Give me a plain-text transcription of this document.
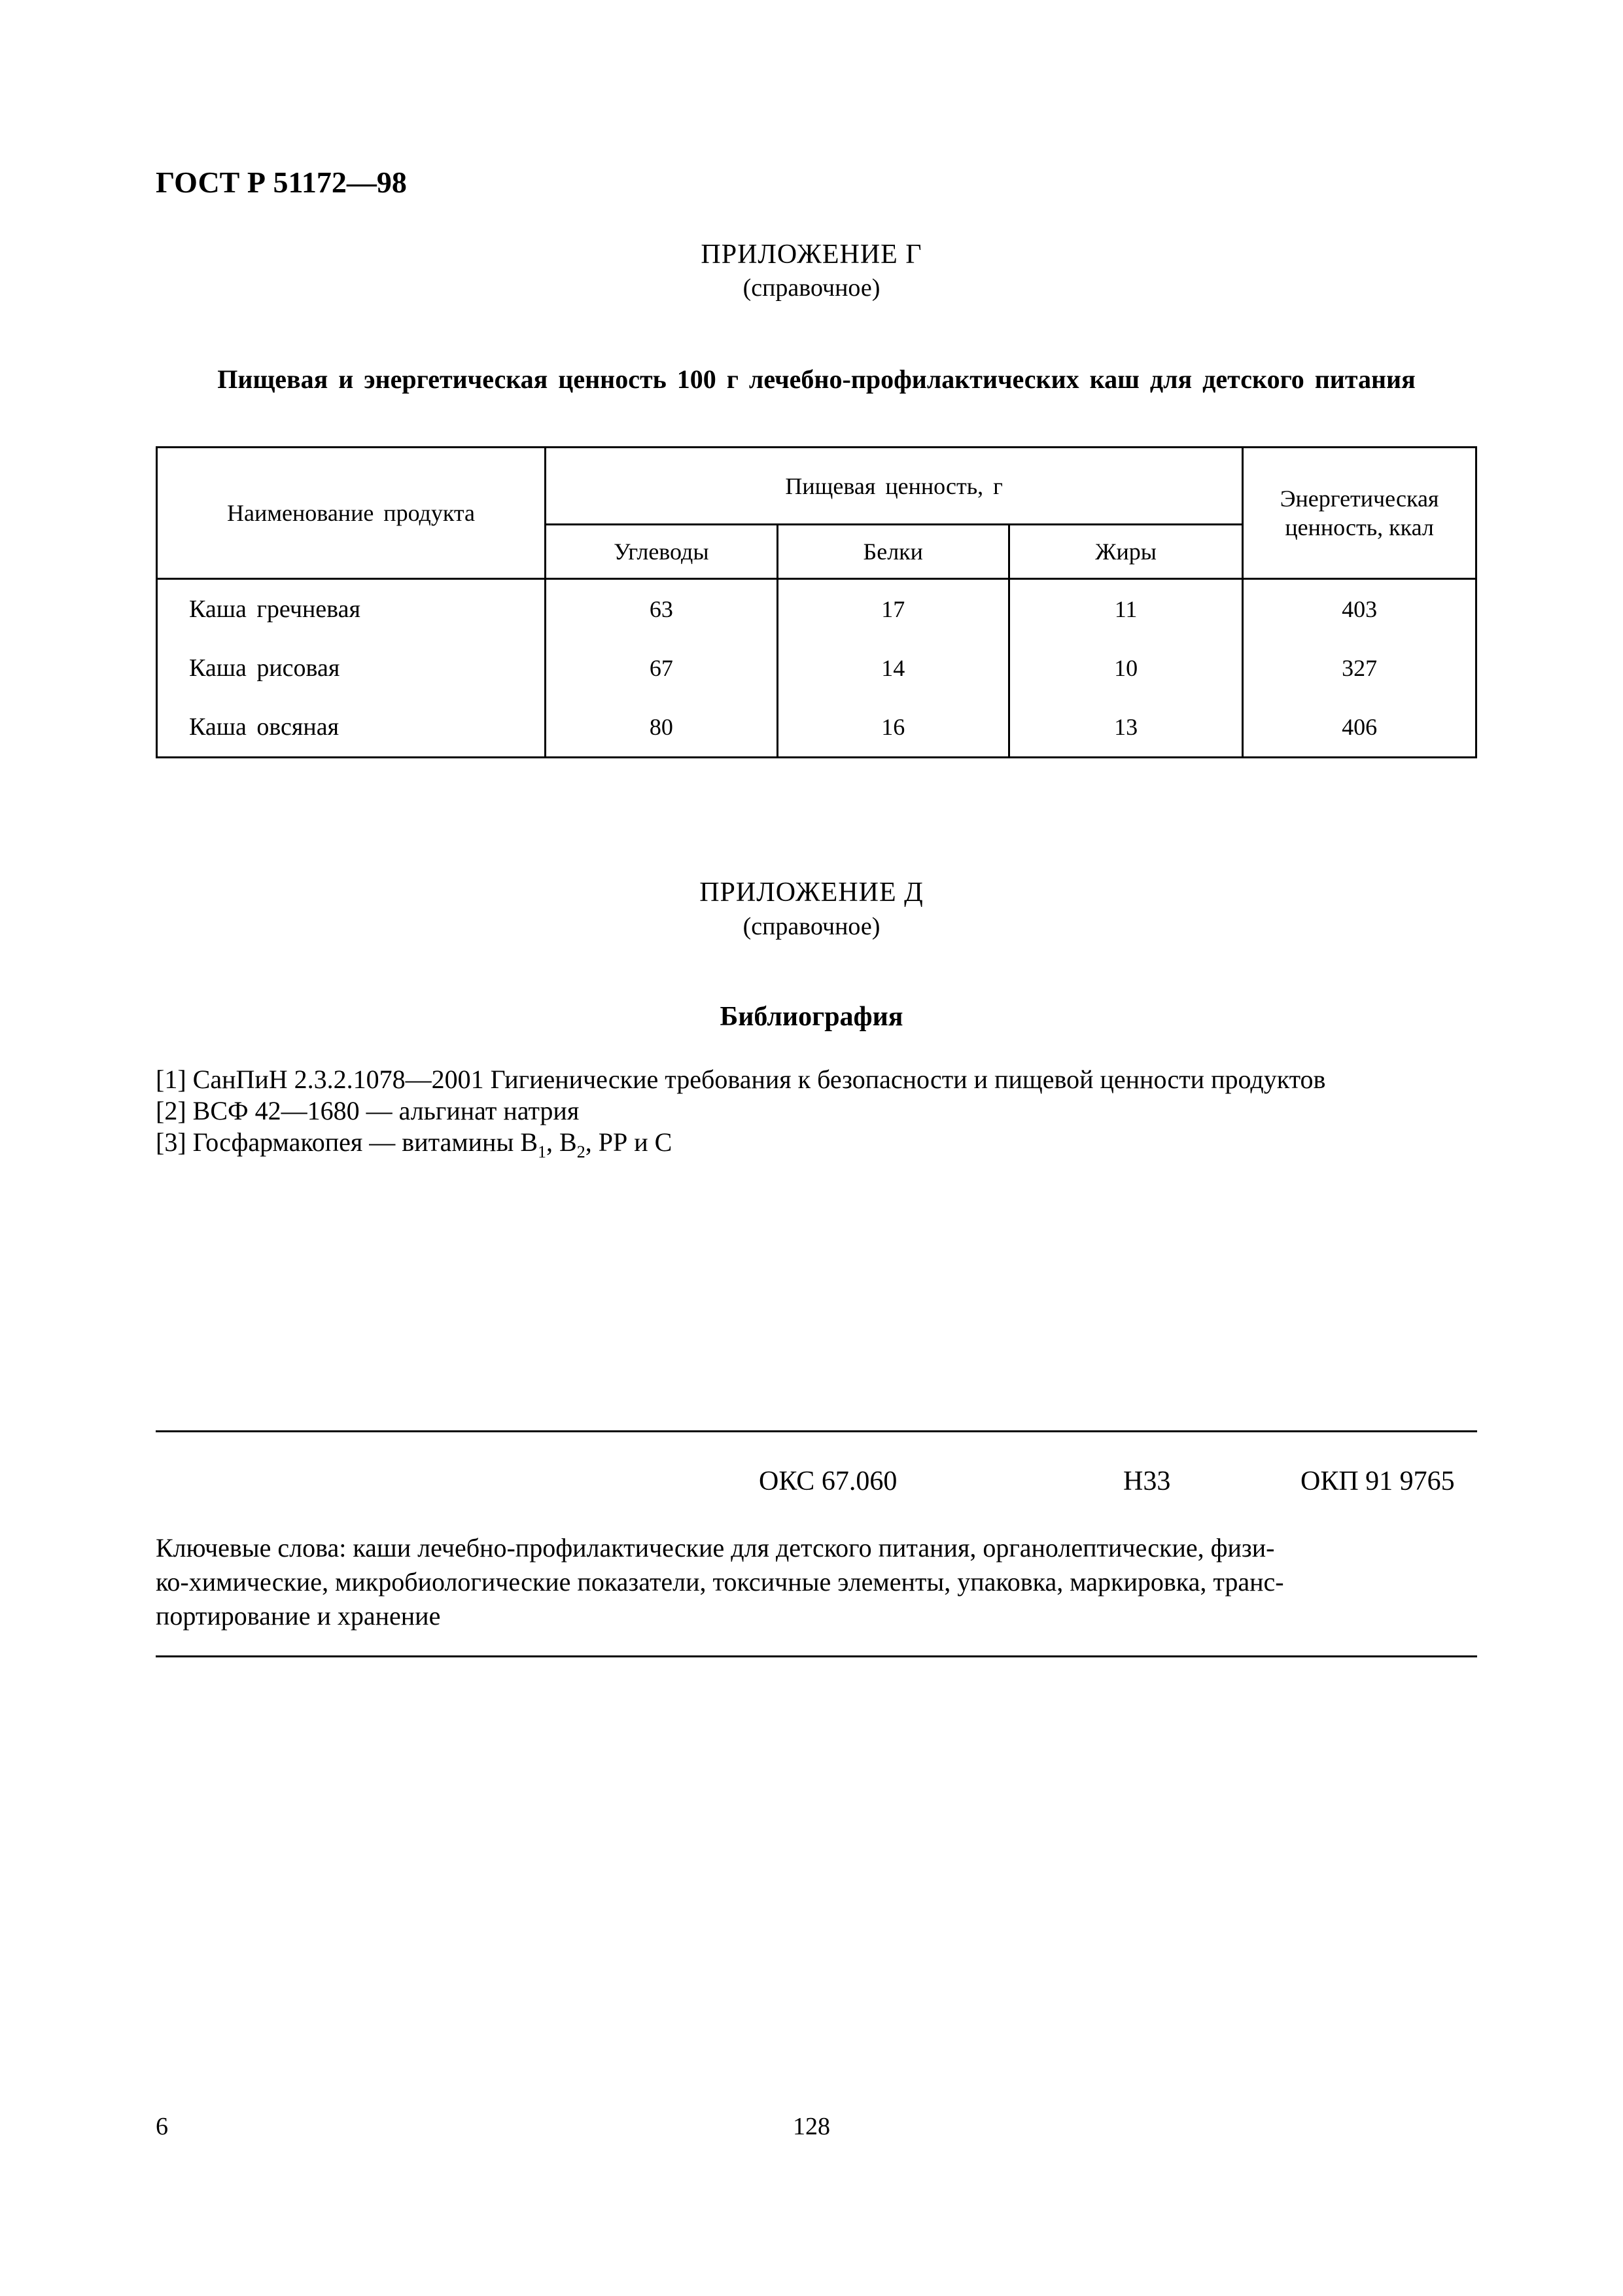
ГОСТ Р 51172—98
ПРИЛОЖЕНИЕ Г
(справочное)
Пищевая и энергетическая ценность 100 г лечебно-профилактических каш для детского питания
Наименование продукта	Пищевая ценность, г			Энергетическая
ценность, ккал

	Углеводы	Белки	Жиры	
Каша гречневая	63	17	11	403
Каша рисовая	67	14	10	327
Каша овсяная	80	16	13	406
ПРИЛОЖЕНИЕ Д
(справочное)
Библиография
[1] СанПиН 2.3.2.1078—2001 Гигиенические требования к безопасности и пищевой ценности продуктов
[2] ВСФ 42—1680 — альгинат натрия
[3] Госфармакопея — витамины $В_1$, $В_2$, РР и С
ОКС 67.060	Н33	ОКП 91 9765
Ключевые слова: каши лечебно-профилактические для детского питания, органолептические, физи-
ко-химические, микробиологические показатели, токсичные элементы, упаковка, маркировка, транс-
портирование и хранение
6	128
